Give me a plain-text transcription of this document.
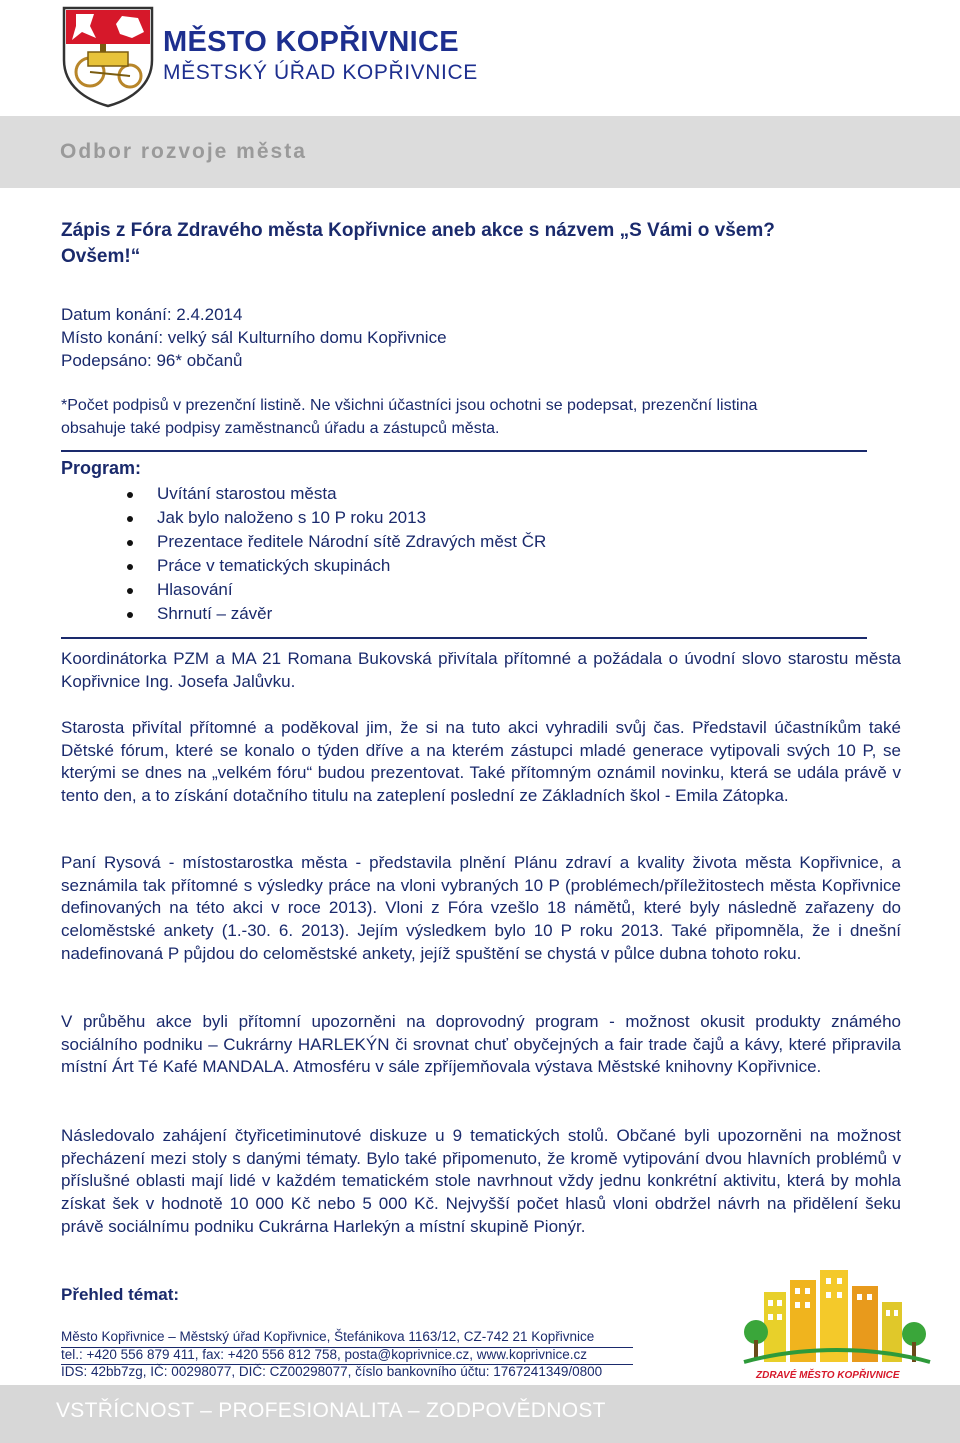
MĚSTO KOPŘIVNICE
MĚSTSKÝ ÚŘAD KOPŘIVNICE
Odbor rozvoje města
Zápis z Fóra Zdravého města Kopřivnice aneb akce s názvem „S Vámi o všem?
Ovšem!“
Datum konání: 2.4.2014
Místo konání: velký sál Kulturního domu Kopřivnice
Podepsáno: 96* občanů
*Počet podpisů v prezenční listině. Ne všichni účastníci jsou ochotni se podepsat, prezenční listina
obsahuje také podpisy zaměstnanců úřadu a zástupců města.
Program:
Uvítání starostou města
Jak bylo naloženo s 10 P roku 2013
Prezentace ředitele Národní sítě Zdravých měst ČR
Práce v tematických skupinách
Hlasování
Shrnutí – závěr

Koordinátorka PZM a MA 21 Romana Bukovská přivítala přítomné a požádala o úvodní slovo starostu města Kopřivnice Ing. Josefa Jalůvku.

Starosta přivítal přítomné a poděkoval jim, že si na tuto akci vyhradili svůj čas. Představil účastníkům také Dětské fórum, které se konalo o týden dříve a na kterém zástupci mladé generace vytipovali svých 10 P, se kterými se dnes na „velkém fóru“ budou prezentovat. Také přítomným oznámil novinku, která se udála právě v tento den, a to získání dotačního titulu na zateplení poslední ze Základních škol - Emila Zátopka.

Paní Rysová - místostarostka města - představila plnění Plánu zdraví a kvality života města Kopřivnice, a seznámila tak přítomné s výsledky práce na vloni vybraných 10 P (problémech/příležitostech města Kopřivnice definovaných na této akci v roce 2013). Vloni z Fóra vzešlo 18 námětů, které byly následně zařazeny do celoměstské ankety (1.-30. 6. 2013). Jejím výsledkem bylo 10 P roku 2013. Také připomněla, že i dnešní nadefinovaná P půjdou do celoměstské ankety, jejíž spuštění se chystá v půlce dubna tohoto roku.

V průběhu akce byli přítomní upozorněni na doprovodný program - možnost okusit produkty známého sociálního podniku – Cukrárny HARLEKÝN či srovnat chuť obyčejných a fair trade čajů a kávy, které připravila místní Árt Té Kafé MANDALA. Atmosféru v sále zpříjemňovala výstava Městské knihovny Kopřivnice.

Následovalo zahájení čtyřicetiminutové diskuze u 9 tematických stolů. Občané byli upozorněni na možnost přecházení mezi stoly s danými tématy. Bylo také připomenuto, že kromě vytipování dvou hlavních problémů v příslušné oblasti mají lidé v každém tematickém stole navrhnout vždy jednu konkrétní aktivitu, která by mohla získat šek v hodnotě 10 000 Kč nebo 5 000 Kč. Nejvyšší počet hlasů vloni obdržel návrh na přidělení šeku právě sociálnímu podniku Cukrárna Harlekýn a místní skupině Pionýr.

Přehled témat:
Město Kopřivnice – Městský úřad Kopřivnice, Štefánikova 1163/12, CZ-742 21 Kopřivnice
tel.: +420 556 879 411, fax: +420 556 812 758, posta@koprivnice.cz, www.koprivnice.cz
IDS: 42bb7zg, IČ: 00298077, DIČ: CZ00298077, číslo bankovního účtu: 1767241349/0800	ZDRAVÉ MĚSTO KOPŘIVNICE
VSTŘÍCNOST – PROFESIONALITA – ZODPOVĚDNOST
